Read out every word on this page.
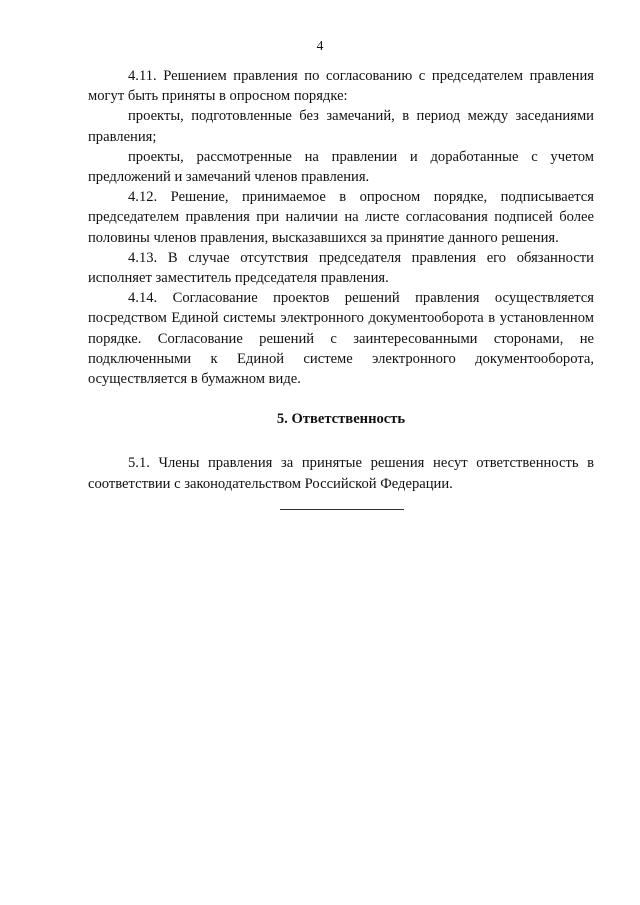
4

4.11. Решением правления по согласованию с председателем правления могут быть приняты в опросном порядке:

проекты, подготовленные без замечаний, в период между заседаниями правления;

проекты, рассмотренные на правлении и доработанные с учетом предложений и замечаний членов правления.

4.12. Решение, принимаемое в опросном порядке, подписывается председателем правления при наличии на листе согласования подписей более половины членов правления, высказавшихся за принятие данного решения.

4.13. В случае отсутствия председателя правления его обязанности исполняет заместитель председателя правления.

4.14. Согласование проектов решений правления осуществляется посредством Единой системы электронного документооборота в установленном порядке. Согласование решений с заинтересованными сторонами, не подключенными к Единой системе электронного документооборота, осуществляется в бумажном виде.

5. Ответственность

5.1. Члены правления за принятые решения несут ответственность в соответствии с законодательством Российской Федерации.
